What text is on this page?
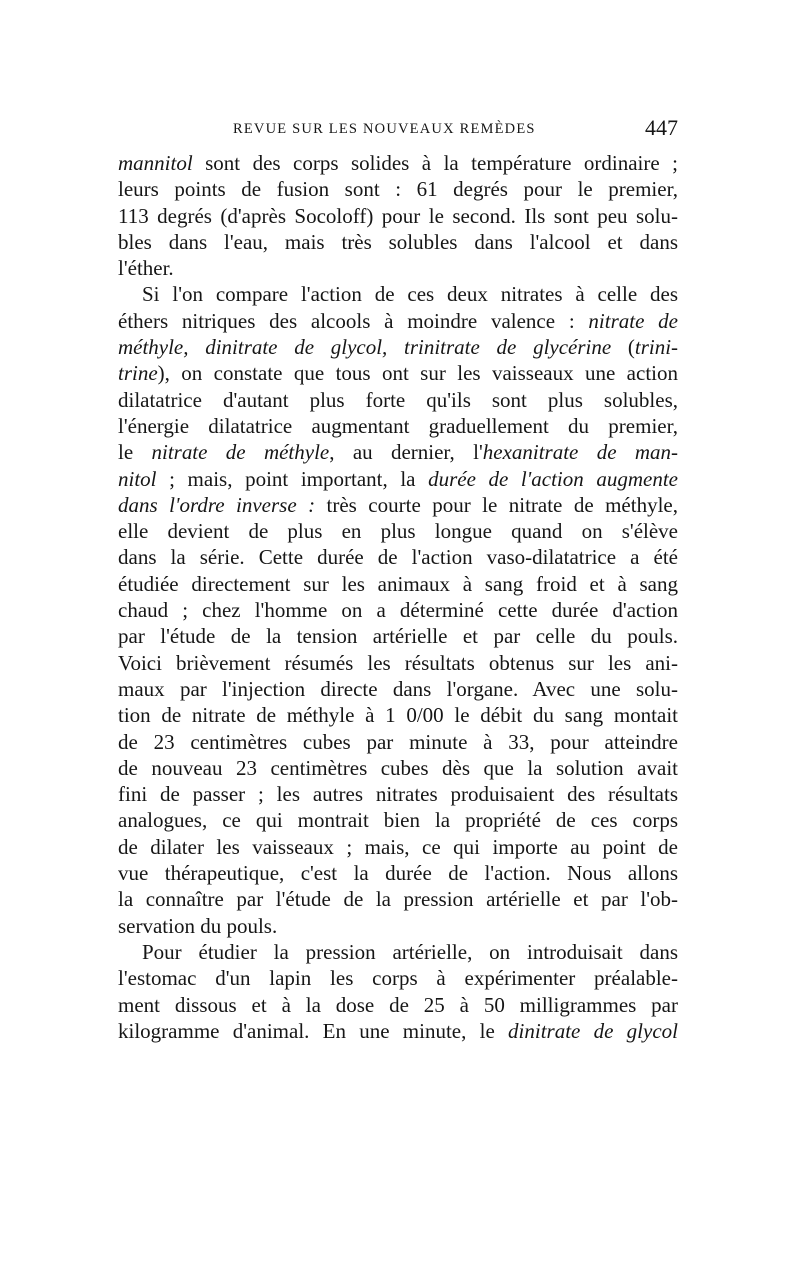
REVUE SUR LES NOUVEAUX REMÈDES	447
mannitol sont des corps solides à la température ordinaire ;
leurs points de fusion sont : 61 degrés pour le premier,
113 degrés (d'après Socoloff) pour le second. Ils sont peu solu-
bles dans l'eau, mais très solubles dans l'alcool et dans
l'éther.
Si l'on compare l'action de ces deux nitrates à celle des
éthers nitriques des alcools à moindre valence : nitrate de
méthyle, dinitrate de glycol, trinitrate de glycérine (trini-
trine), on constate que tous ont sur les vaisseaux une action
dilatatrice d'autant plus forte qu'ils sont plus solubles,
l'énergie dilatatrice augmentant graduellement du premier,
le nitrate de méthyle, au dernier, l'hexanitrate de man-
nitol ; mais, point important, la durée de l'action augmente
dans l'ordre inverse : très courte pour le nitrate de méthyle,
elle devient de plus en plus longue quand on s'élève
dans la série. Cette durée de l'action vaso-dilatatrice a été
étudiée directement sur les animaux à sang froid et à sang
chaud ; chez l'homme on a déterminé cette durée d'action
par l'étude de la tension artérielle et par celle du pouls.
Voici brièvement résumés les résultats obtenus sur les ani-
maux par l'injection directe dans l'organe. Avec une solu-
tion de nitrate de méthyle à 1 0/00 le débit du sang montait
de 23 centimètres cubes par minute à 33, pour atteindre
de nouveau 23 centimètres cubes dès que la solution avait
fini de passer ; les autres nitrates produisaient des résultats
analogues, ce qui montrait bien la propriété de ces corps
de dilater les vaisseaux ; mais, ce qui importe au point de
vue thérapeutique, c'est la durée de l'action. Nous allons
la connaître par l'étude de la pression artérielle et par l'ob-
servation du pouls.
Pour étudier la pression artérielle, on introduisait dans
l'estomac d'un lapin les corps à expérimenter préalable-
ment dissous et à la dose de 25 à 50 milligrammes par
kilogramme d'animal. En une minute, le dinitrate de glycol
